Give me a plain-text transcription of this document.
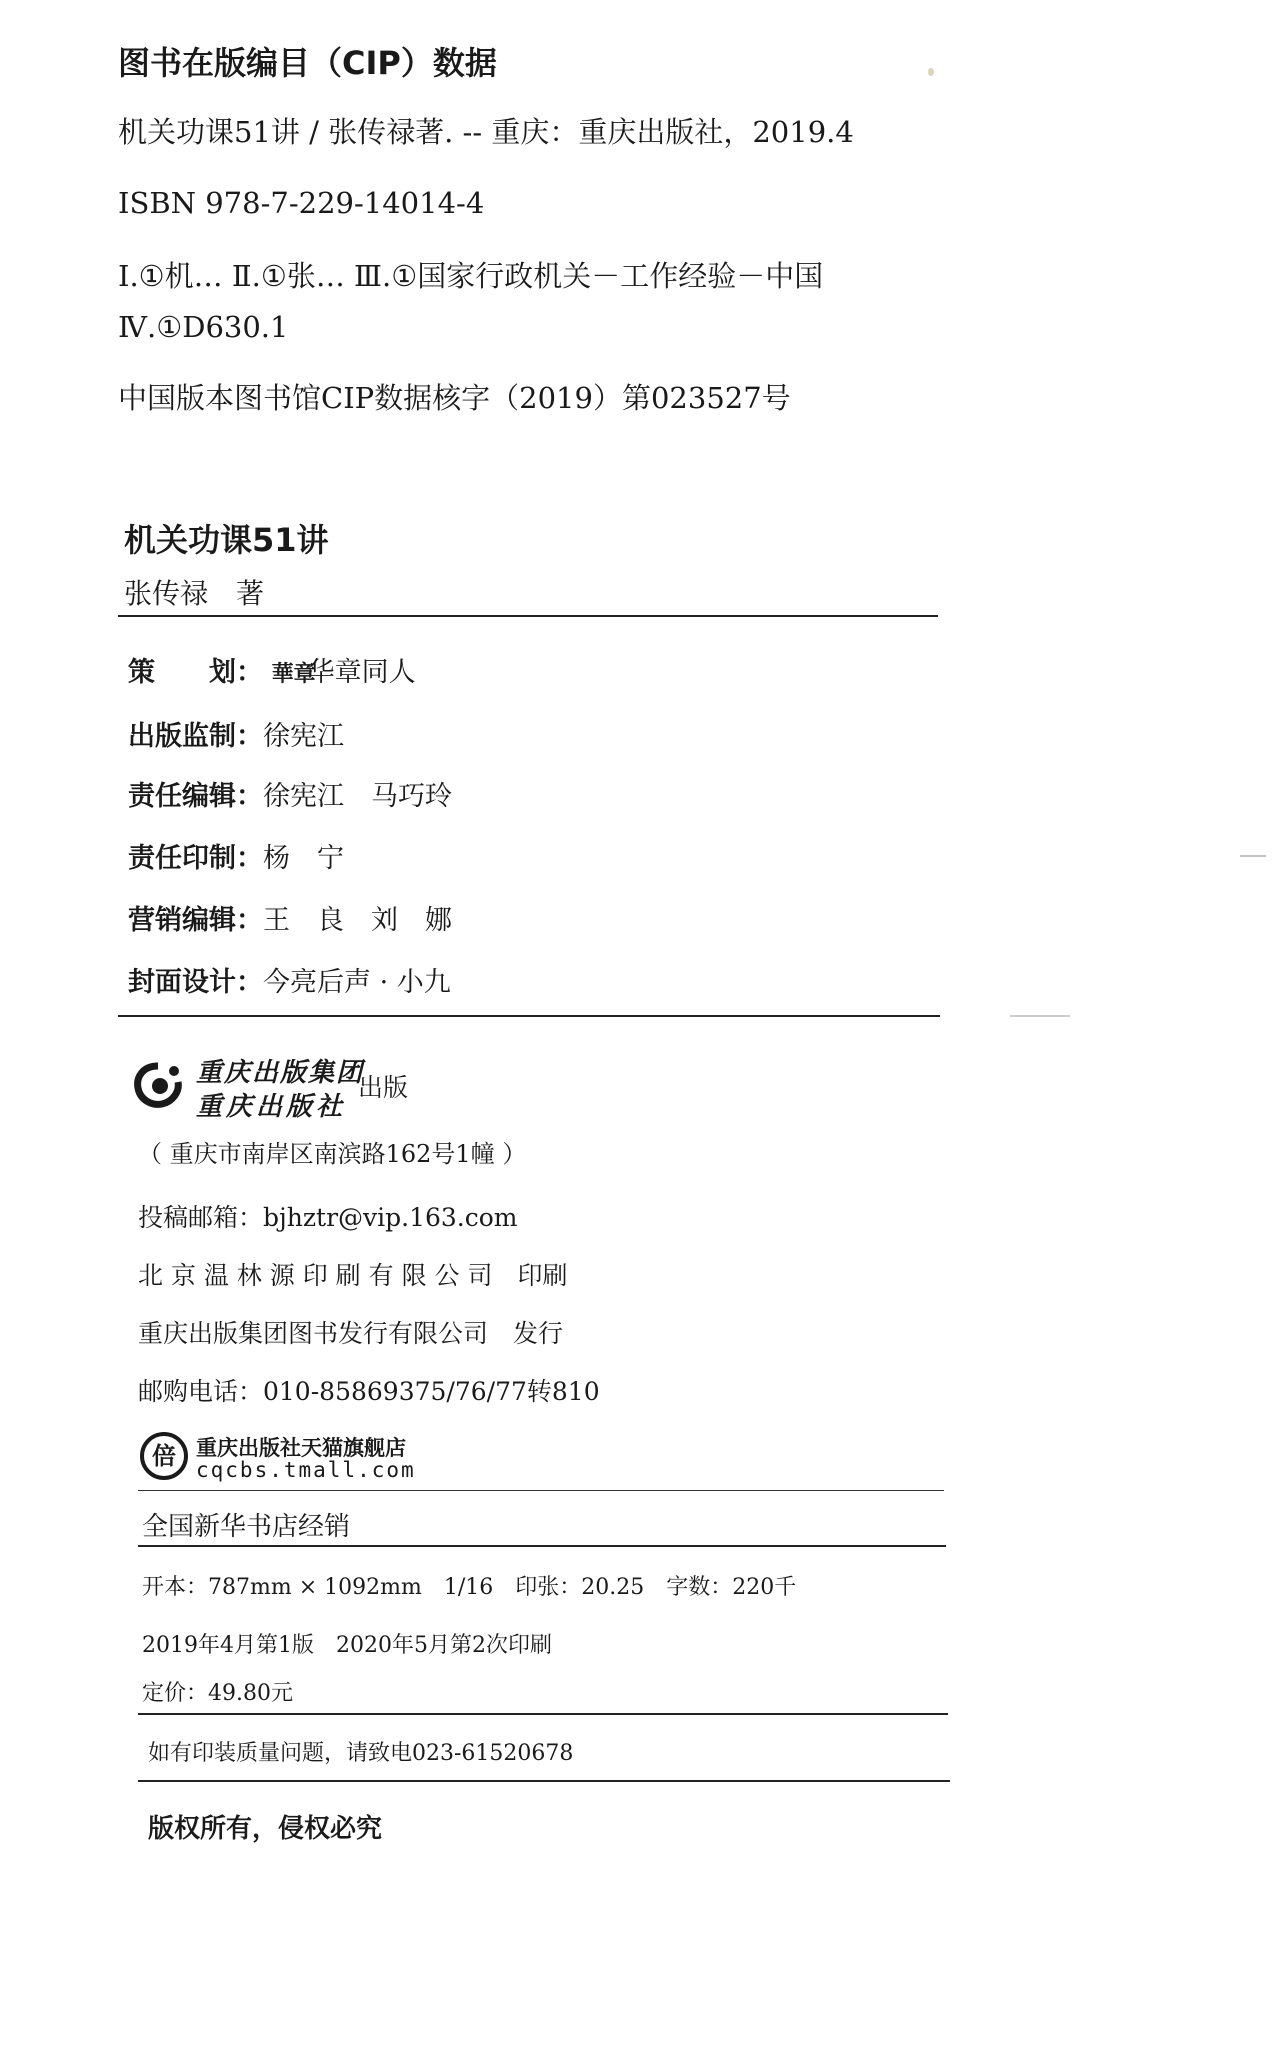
图书在版编目（CIP）数据
机关功课51讲 / 张传禄著. -- 重庆：重庆出版社，2019.4
ISBN 978-7-229-14014-4
Ⅰ.①机… Ⅱ.①张… Ⅲ.①国家行政机关－工作经验－中国
Ⅳ.①D630.1
中国版本图书馆CIP数据核字（2019）第023527号
机关功课51讲
张传禄　著
策　　划： 華章华章同人
出版监制：徐宪江
责任编辑：徐宪江　马巧玲
责任印制：杨　宁
营销编辑：王　良　刘　娜
封面设计：今亮后声 · 小九
重庆出版集团
重庆出版社
出版
（ 重庆市南岸区南滨路162号1幢 ）
投稿邮箱：bjhztr@vip.163.com
北 京 温 林 源 印 刷 有 限 公 司　印刷
重庆出版集团图书发行有限公司　发行
邮购电话：010-85869375/76/77转810
倍 重庆出版社天猫旗舰店
cqcbs.tmall.com
全国新华书店经销
开本：787mm × 1092mm　1/16　印张：20.25　字数：220千
2019年4月第1版　2020年5月第2次印刷
定价：49.80元
如有印装质量问题，请致电023-61520678
版权所有，侵权必究
